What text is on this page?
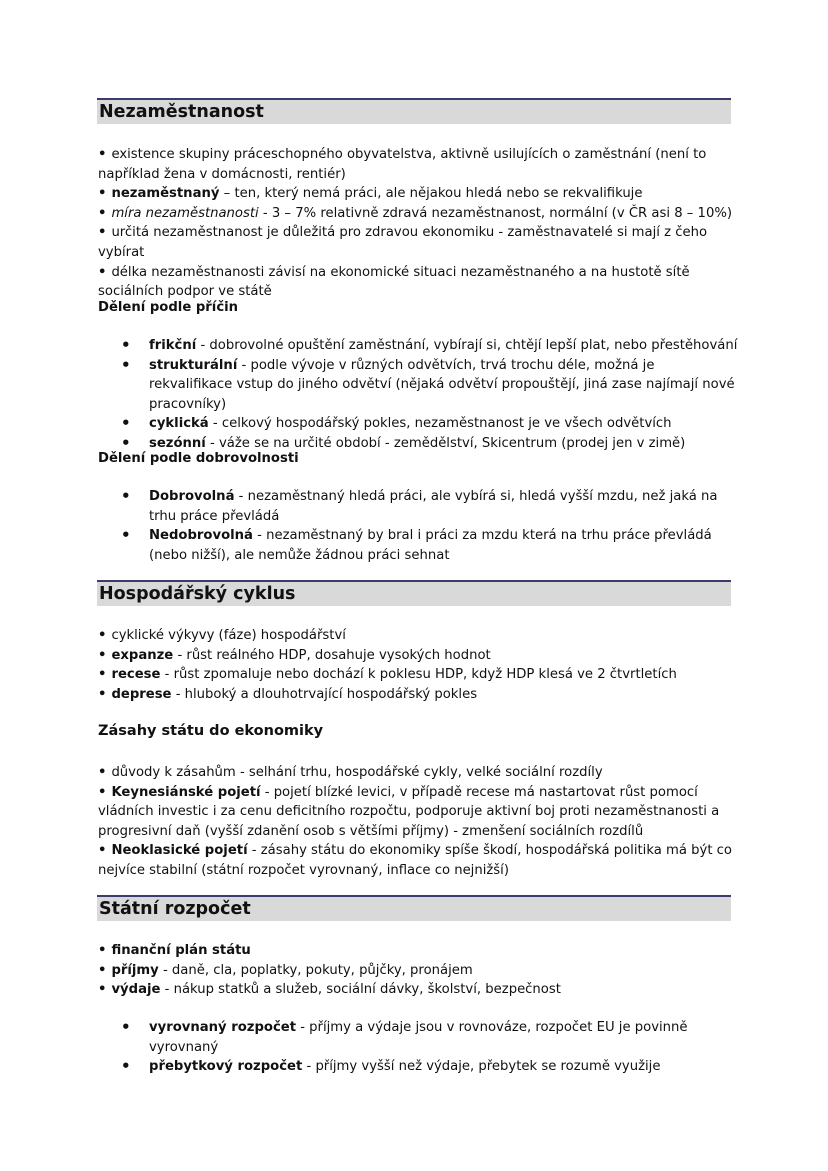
Nezaměstnanost

• existence skupiny práceschopného obyvatelstva, aktivně usilujících o zaměstnání (není to například žena v domácnosti, rentiér)

• nezaměstnaný – ten, který nemá práci, ale nějakou hledá nebo se rekvalifikuje

• míra nezaměstnanosti - 3 – 7% relativně zdravá nezaměstnanost, normální (v ČR asi 8 – 10%)

• určitá nezaměstnanost je důležitá pro zdravou ekonomiku - zaměstnavatelé si mají z čeho vybírat

• délka nezaměstnanosti závisí na ekonomické situaci nezaměstnaného a na hustotě sítě sociálních podpor ve státě

Dělení podle příčin
• frikční - dobrovolné opuštění zaměstnání, vybírají si, chtějí lepší plat, nebo přestěhování
• strukturální - podle vývoje v různých odvětvích, trvá trochu déle, možná je rekvalifikace vstup do jiného odvětví (nějaká odvětví propouštějí, jiná zase najímají nové pracovníky)
• cyklická - celkový hospodářský pokles, nezaměstnanost je ve všech odvětvích
• sezónní - váže se na určité období - zemědělství, Skicentrum (prodej jen v zimě)
Dělení podle dobrovolnosti
• Dobrovolná - nezaměstnaný hledá práci, ale vybírá si, hledá vyšší mzdu, než jaká na trhu práce převládá
• Nedobrovolná - nezaměstnaný by bral i práci za mzdu která na trhu práce převládá (nebo nižší), ale nemůže žádnou práci sehnat
Hospodářský cyklus

• cyklické výkyvy (fáze) hospodářství

• expanze - růst reálného HDP, dosahuje vysokých hodnot

• recese - růst zpomaluje nebo dochází k poklesu HDP, když HDP klesá ve 2 čtvrtletích

• deprese - hluboký a dlouhotrvající hospodářský pokles

Zásahy státu do ekonomiky

• důvody k zásahům - selhání trhu, hospodářské cykly, velké sociální rozdíly

• Keynesiánské pojetí - pojetí blízké levici, v případě recese má nastartovat růst pomocí vládních investic i za cenu deficitního rozpočtu, podporuje aktivní boj proti nezaměstnanosti a progresivní daň (vyšší zdanění osob s většími příjmy) - zmenšení sociálních rozdílů

• Neoklasické pojetí - zásahy státu do ekonomiky spíše škodí, hospodářská politika má být co nejvíce stabilní (státní rozpočet vyrovnaný, inflace co nejnižší)

Státní rozpočet

• finanční plán státu

• příjmy - daně, cla, poplatky, pokuty, půjčky, pronájem

• výdaje - nákup statků a služeb, sociální dávky, školství, bezpečnost

• vyrovnaný rozpočet - příjmy a výdaje jsou v rovnováze, rozpočet EU je povinně vyrovnaný
• přebytkový rozpočet - příjmy vyšší než výdaje, přebytek se rozumě využije
